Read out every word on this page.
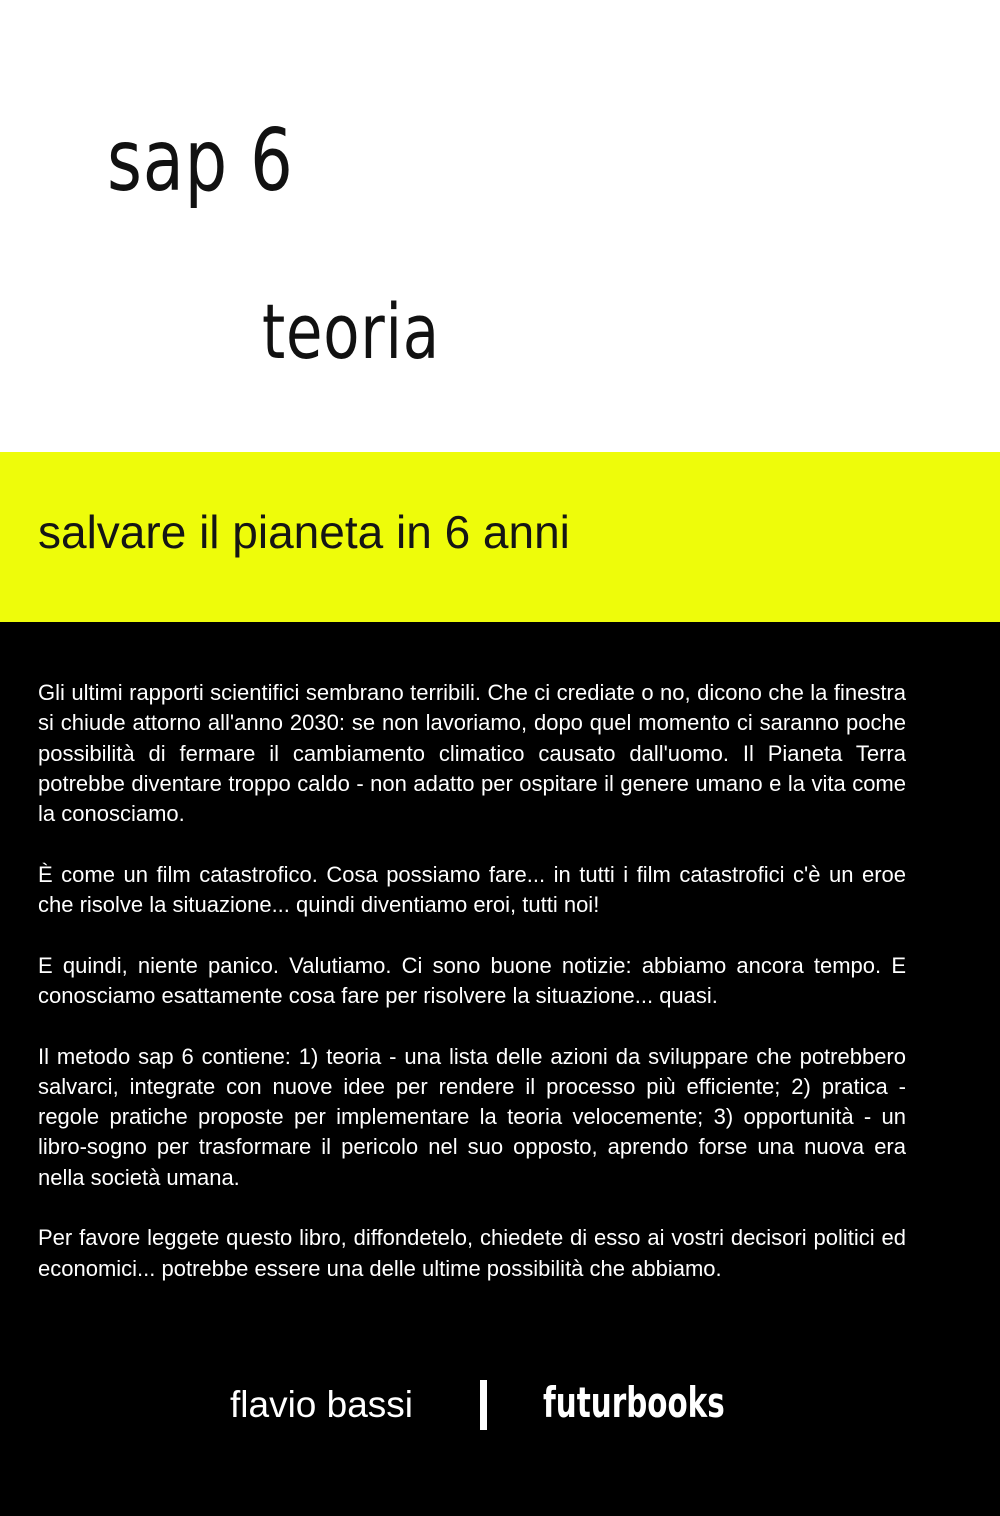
sap 6
teoria
salvare il pianeta in 6 anni

Gli ultimi rapporti scientifici sembrano terribili. Che ci crediate o no, dicono che la finestra si chiude attorno all'anno 2030: se non lavoriamo, dopo quel momento ci saranno poche possibilità di fermare il cambiamento climatico causato dall'uomo. Il Pianeta Terra potrebbe diventare troppo caldo - non adatto per ospitare il genere umano e la vita come la conosciamo.

È come un film catastrofico. Cosa possiamo fare... in tutti i film catastrofici c'è un eroe che risolve la situazione... quindi diventiamo eroi, tutti noi!

E quindi, niente panico. Valutiamo. Ci sono buone notizie: abbiamo ancora tempo. E conosciamo esattamente cosa fare per risolvere la situazione... quasi.

Il metodo sap 6 contiene: 1) teoria - una lista delle azioni da sviluppare che potrebbero salvarci, integrate con nuove idee per rendere il processo più efficiente; 2) pratica - regole pratiche proposte per implementare la teoria velocemente; 3) opportunità - un libro-sogno per trasformare il pericolo nel suo opposto, aprendo forse una nuova era nella società umana.

Per favore leggete questo libro, diffondetelo, chiedete di esso ai vostri decisori politici ed economici... potrebbe essere una delle ultime possibilità che abbiamo.

flavio bassi	futurbooks
